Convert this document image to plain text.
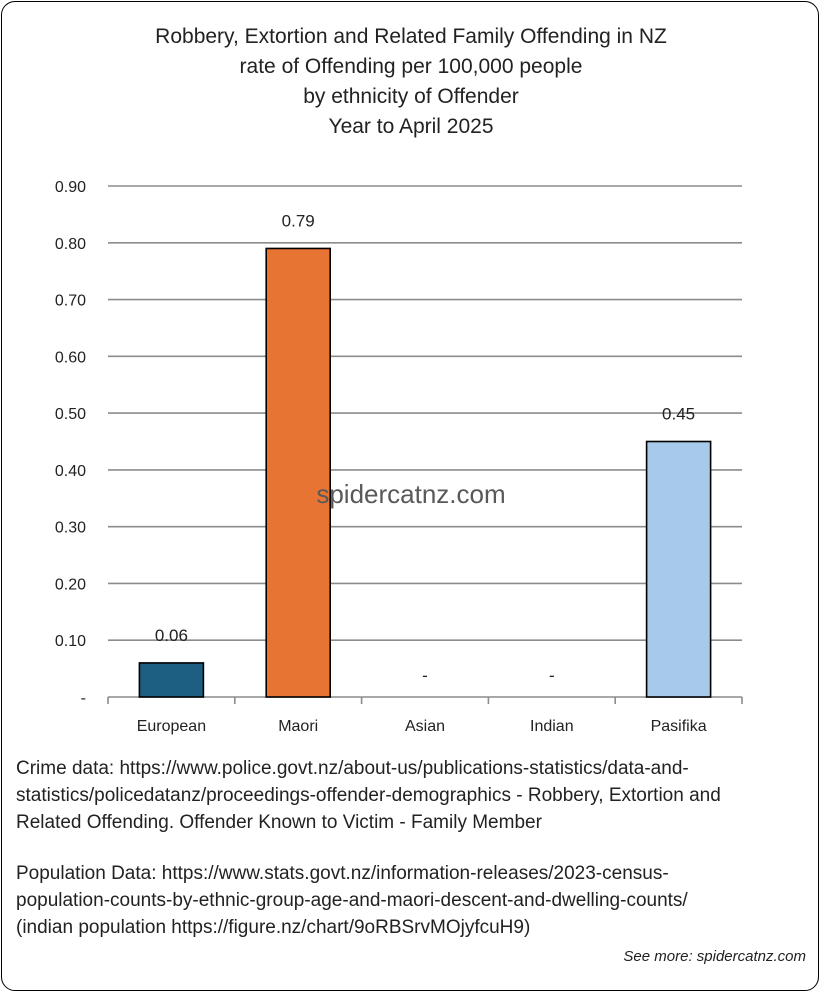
Robbery, Extortion and Related Family Offending in NZ
rate of Offending per 100,000 people
by ethnicity of Offender
Year to April 2025
-
0.10
0.20
0.30
0.40
0.50
0.60
0.70
0.80
0.90
0.06
European
0.79
Maori
-
Asian
-
Indian
0.45
Pasifika
spidercatnz.com
Crime data: https://www.police.govt.nz/about-us/publications-statistics/data-and-
statistics/policedatanz/proceedings-offender-demographics - Robbery, Extortion and
Related Offending. Offender Known to Victim - Family Member
Population Data: https://www.stats.govt.nz/information-releases/2023-census-
population-counts-by-ethnic-group-age-and-maori-descent-and-dwelling-counts/
(indian population https://figure.nz/chart/9oRBSrvMOjyfcuH9)
See more: spidercatnz.com
